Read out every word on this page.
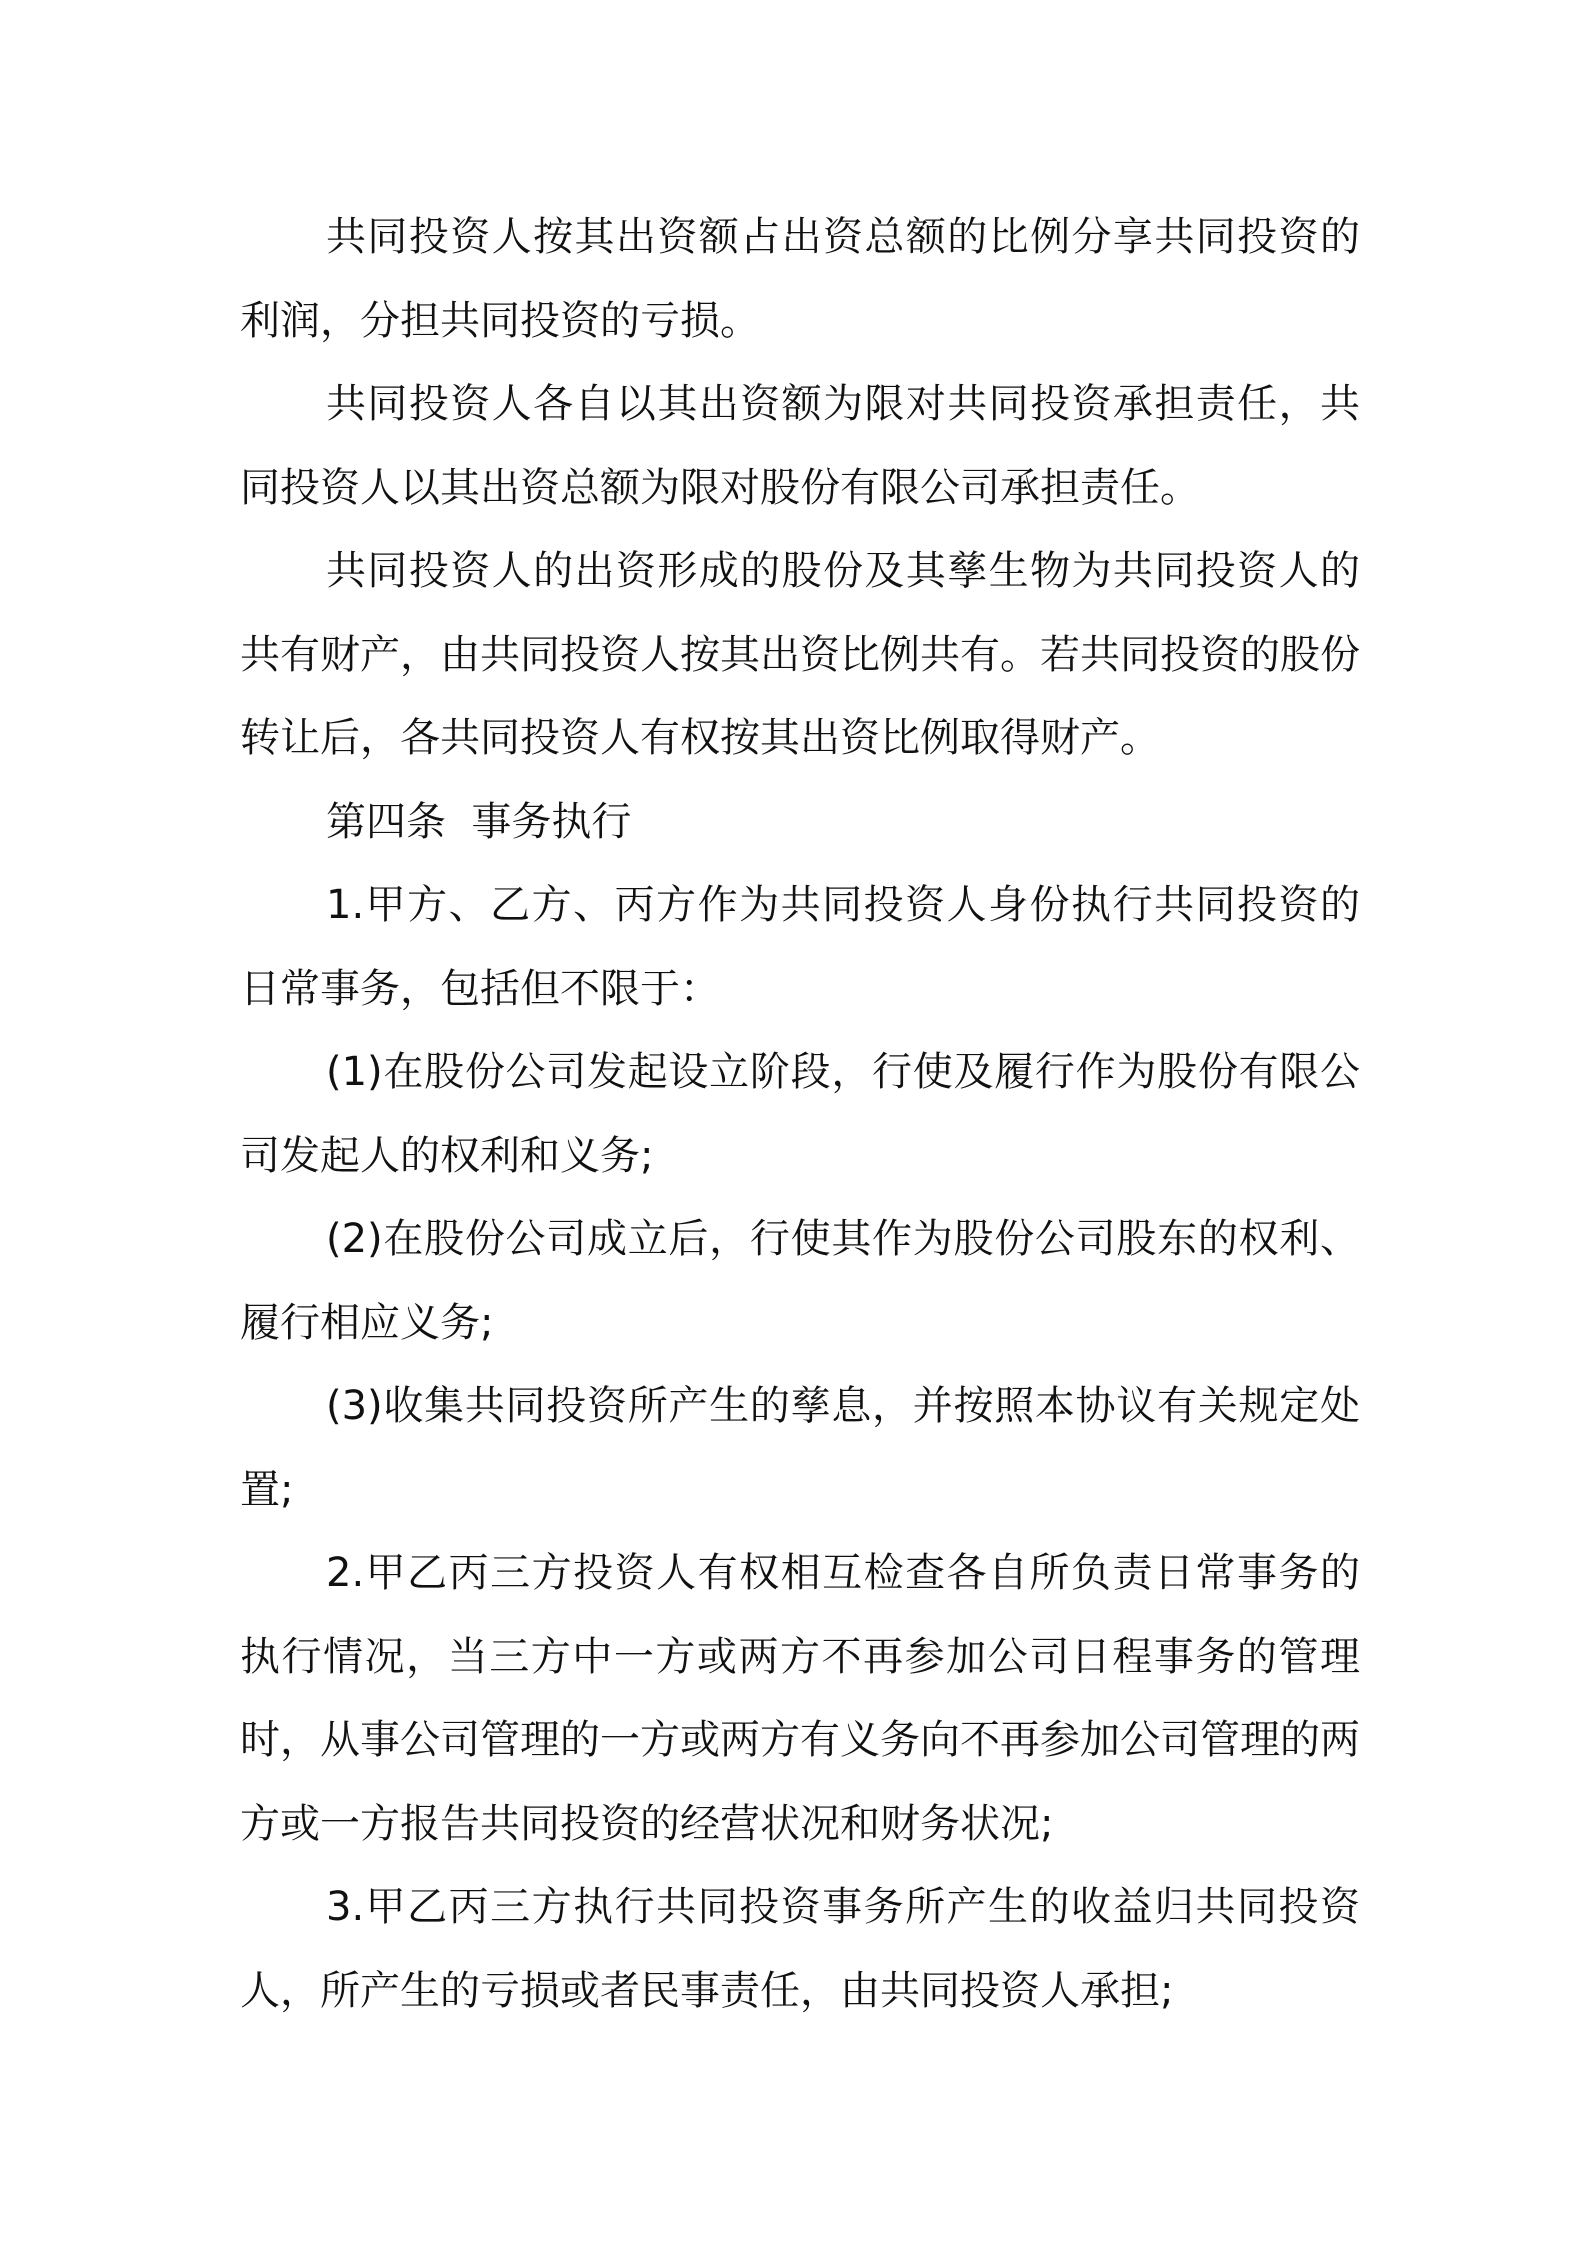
共同投资人按其出资额占出资总额的比例分享共同投资的利润，分担共同投资的亏损。

共同投资人各自以其出资额为限对共同投资承担责任，共同投资人以其出资总额为限对股份有限公司承担责任。

共同投资人的出资形成的股份及其孳生物为共同投资人的共有财产，由共同投资人按其出资比例共有。若共同投资的股份转让后，各共同投资人有权按其出资比例取得财产。

第四条  事务执行

1.甲方、乙方、丙方作为共同投资人身份执行共同投资的日常事务，包括但不限于：

(1)在股份公司发起设立阶段，行使及履行作为股份有限公司发起人的权利和义务;

(2)在股份公司成立后，行使其作为股份公司股东的权利、履行相应义务;

(3)收集共同投资所产生的孳息，并按照本协议有关规定处置;

2.甲乙丙三方投资人有权相互检查各自所负责日常事务的执行情况，当三方中一方或两方不再参加公司日程事务的管理时，从事公司管理的一方或两方有义务向不再参加公司管理的两方或一方报告共同投资的经营状况和财务状况;

3.甲乙丙三方执行共同投资事务所产生的收益归共同投资人，所产生的亏损或者民事责任，由共同投资人承担;
